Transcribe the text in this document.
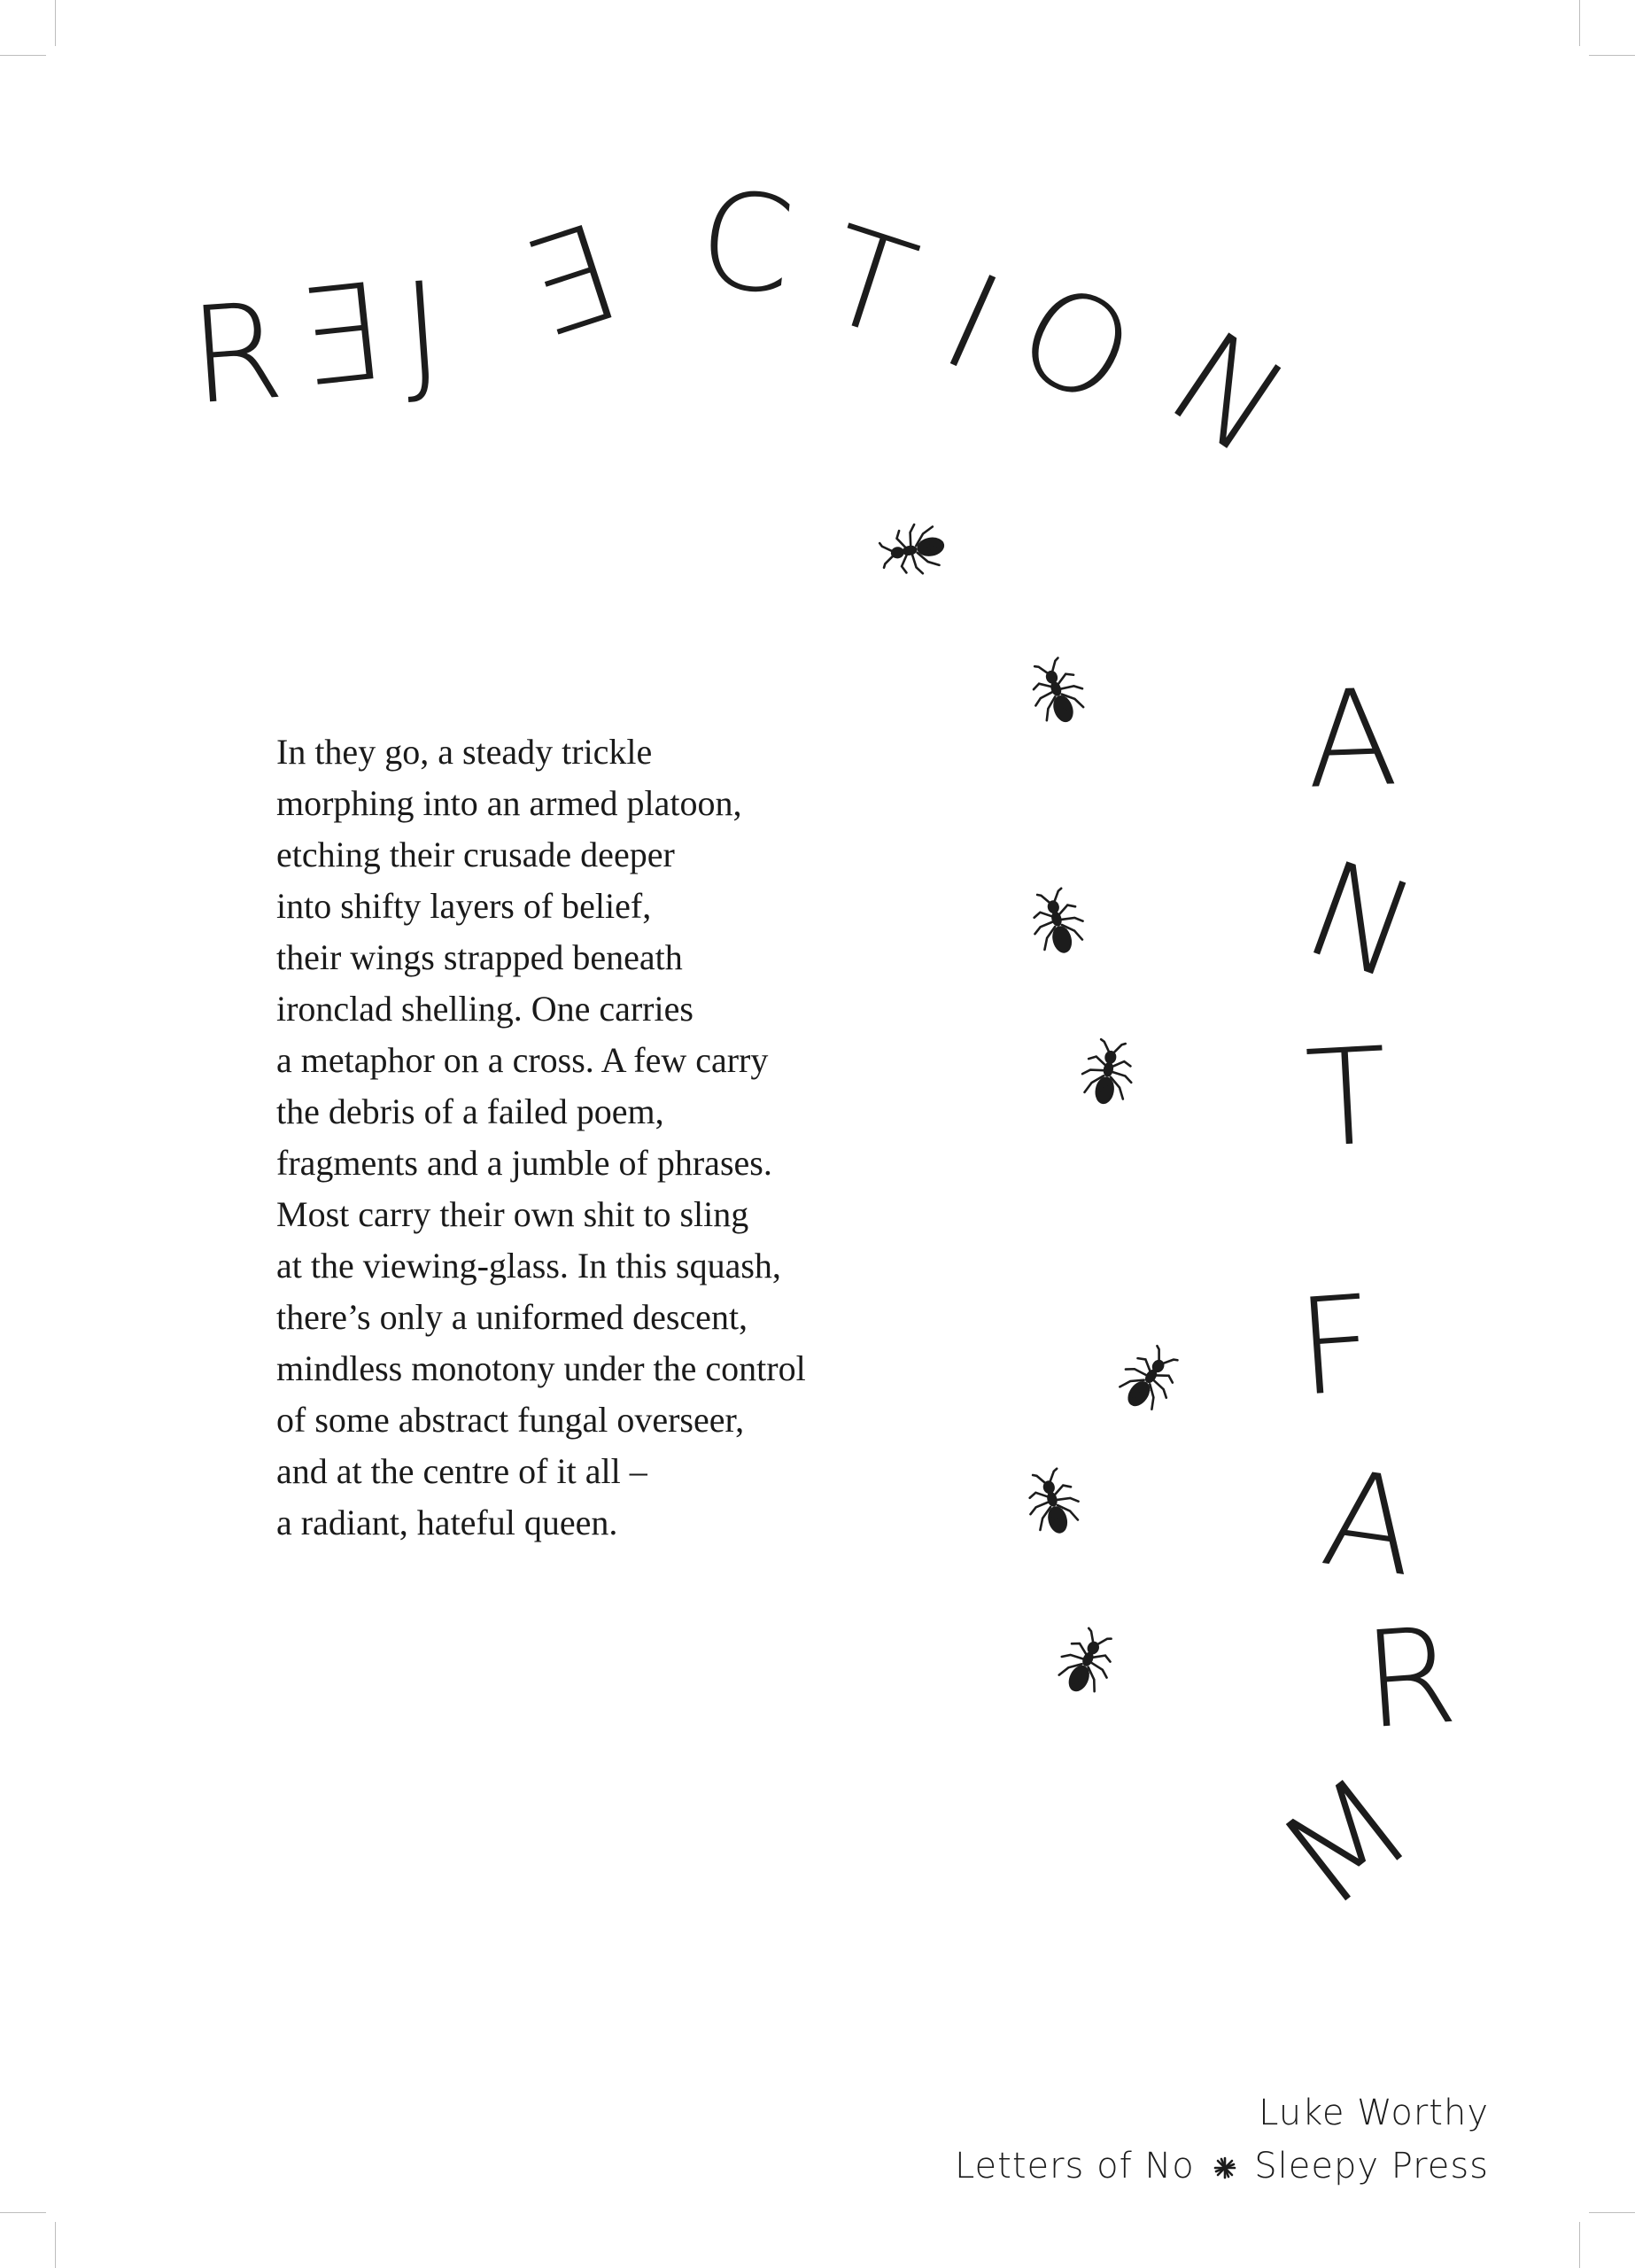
R Ǝ J Ǝ C T
I
O
N
A
N
T
F
A
R
M
In they go, a steady trickle
morphing into an armed platoon,
etching their crusade deeper
into shifty layers of belief,
their wings strapped beneath
ironclad shelling. One carries
a metaphor on a cross. A few carry
the debris of a failed poem,
fragments and a jumble of phrases.
Most carry their own shit to sling
at the viewing-glass. In this squash,
there’s only a uniformed descent,
mindless monotony under the control
of some abstract fungal overseer,
and at the centre of it all –
a radiant, hateful queen.
Luke Worthy
Letters of No Sleepy Press
